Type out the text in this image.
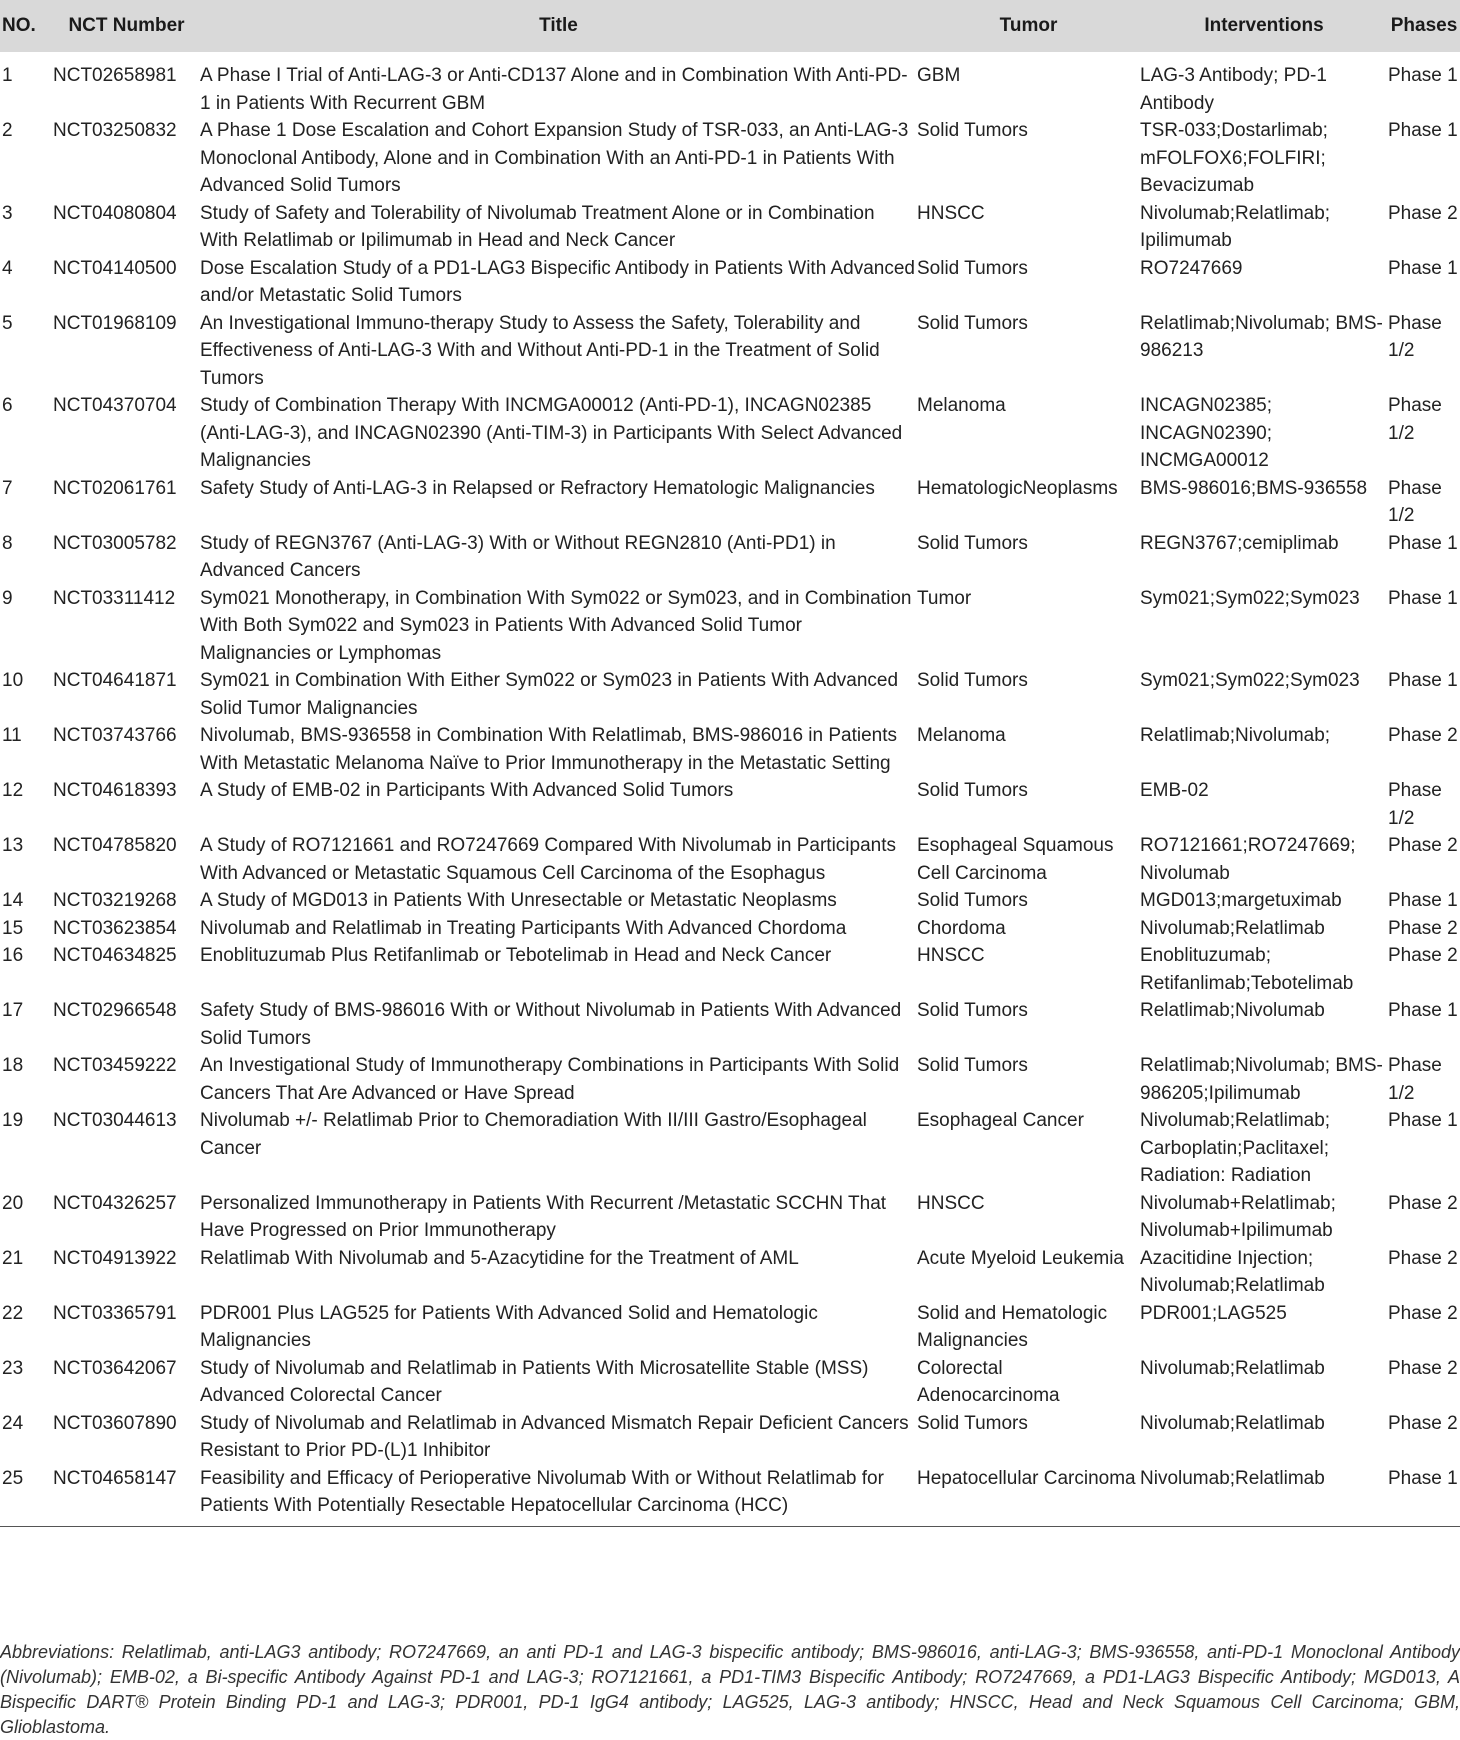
NO.	NCT Number	Title	Tumor	Interventions	Phases
1	NCT02658981	A Phase I Trial of Anti-LAG-3 or Anti-CD137 Alone and in Combination With Anti-PD-1 in Patients With Recurrent GBM	GBM	LAG-3 Antibody; PD-1 Antibody	Phase 1
2	NCT03250832	A Phase 1 Dose Escalation and Cohort Expansion Study of TSR-033, an Anti-LAG-3 Monoclonal Antibody, Alone and in Combination With an Anti-PD-1 in Patients With Advanced Solid Tumors	Solid Tumors	TSR-033;Dostarlimab; mFOLFOX6;FOLFIRI; Bevacizumab	Phase 1
3	NCT04080804	Study of Safety and Tolerability of Nivolumab Treatment Alone or in Combination With Relatlimab or Ipilimumab in Head and Neck Cancer	HNSCC	Nivolumab;Relatlimab; Ipilimumab	Phase 2
4	NCT04140500	Dose Escalation Study of a PD1-LAG3 Bispecific Antibody in Patients With Advanced and/or Metastatic Solid Tumors	Solid Tumors	RO7247669	Phase 1
5	NCT01968109	An Investigational Immuno-therapy Study to Assess the Safety, Tolerability and Effectiveness of Anti-LAG-3 With and Without Anti-PD-1 in the Treatment of Solid Tumors	Solid Tumors	Relatlimab;Nivolumab; BMS-986213	Phase 1/2
6	NCT04370704	Study of Combination Therapy With INCMGA00012 (Anti-PD-1), INCAGN02385 (Anti-LAG-3), and INCAGN02390 (Anti-TIM-3) in Participants With Select Advanced Malignancies	Melanoma	INCAGN02385; INCAGN02390; INCMGA00012	Phase 1/2
7	NCT02061761	Safety Study of Anti-LAG-3 in Relapsed or Refractory Hematologic Malignancies	HematologicNeoplasms	BMS-986016;BMS-936558	Phase 1/2
8	NCT03005782	Study of REGN3767 (Anti-LAG-3) With or Without REGN2810 (Anti-PD1) in Advanced Cancers	Solid Tumors	REGN3767;cemiplimab	Phase 1
9	NCT03311412	Sym021 Monotherapy, in Combination With Sym022 or Sym023, and in Combination With Both Sym022 and Sym023 in Patients With Advanced Solid Tumor Malignancies or Lymphomas	Tumor	Sym021;Sym022;Sym023	Phase 1
10	NCT04641871	Sym021 in Combination With Either Sym022 or Sym023 in Patients With Advanced Solid Tumor Malignancies	Solid Tumors	Sym021;Sym022;Sym023	Phase 1
11	NCT03743766	Nivolumab, BMS-936558 in Combination With Relatlimab, BMS-986016 in Patients With Metastatic Melanoma Naïve to Prior Immunotherapy in the Metastatic Setting	Melanoma	Relatlimab;Nivolumab;	Phase 2
12	NCT04618393	A Study of EMB-02 in Participants With Advanced Solid Tumors	Solid Tumors	EMB-02	Phase 1/2
13	NCT04785820	A Study of RO7121661 and RO7247669 Compared With Nivolumab in Participants With Advanced or Metastatic Squamous Cell Carcinoma of the Esophagus	Esophageal Squamous Cell Carcinoma	RO7121661;RO7247669; Nivolumab	Phase 2
14	NCT03219268	A Study of MGD013 in Patients With Unresectable or Metastatic Neoplasms	Solid Tumors	MGD013;margetuximab	Phase 1
15	NCT03623854	Nivolumab and Relatlimab in Treating Participants With Advanced Chordoma	Chordoma	Nivolumab;Relatlimab	Phase 2
16	NCT04634825	Enoblituzumab Plus Retifanlimab or Tebotelimab in Head and Neck Cancer	HNSCC	Enoblituzumab; Retifanlimab;Tebotelimab	Phase 2
17	NCT02966548	Safety Study of BMS-986016 With or Without Nivolumab in Patients With Advanced Solid Tumors	Solid Tumors	Relatlimab;Nivolumab	Phase 1
18	NCT03459222	An Investigational Study of Immunotherapy Combinations in Participants With Solid Cancers That Are Advanced or Have Spread	Solid Tumors	Relatlimab;Nivolumab; BMS-986205;Ipilimumab	Phase 1/2
19	NCT03044613	Nivolumab +/- Relatlimab Prior to Chemoradiation With II/III Gastro/Esophageal Cancer	Esophageal Cancer	Nivolumab;Relatlimab; Carboplatin;Paclitaxel; Radiation: Radiation	Phase 1
20	NCT04326257	Personalized Immunotherapy in Patients With Recurrent /Metastatic SCCHN That Have Progressed on Prior Immunotherapy	HNSCC	Nivolumab+Relatlimab; Nivolumab+Ipilimumab	Phase 2
21	NCT04913922	Relatlimab With Nivolumab and 5-Azacytidine for the Treatment of AML	Acute Myeloid Leukemia	Azacitidine Injection; Nivolumab;Relatlimab	Phase 2
22	NCT03365791	PDR001 Plus LAG525 for Patients With Advanced Solid and Hematologic Malignancies	Solid and Hematologic Malignancies	PDR001;LAG525	Phase 2
23	NCT03642067	Study of Nivolumab and Relatlimab in Patients With Microsatellite Stable (MSS) Advanced Colorectal Cancer	Colorectal Adenocarcinoma	Nivolumab;Relatlimab	Phase 2
24	NCT03607890	Study of Nivolumab and Relatlimab in Advanced Mismatch Repair Deficient Cancers Resistant to Prior PD-(L)1 Inhibitor	Solid Tumors	Nivolumab;Relatlimab	Phase 2
25	NCT04658147	Feasibility and Efficacy of Perioperative Nivolumab With or Without Relatlimab for Patients With Potentially Resectable Hepatocellular Carcinoma (HCC)	Hepatocellular Carcinoma	Nivolumab;Relatlimab	Phase 1
Abbreviations: Relatlimab, anti-LAG3 antibody; RO7247669, an anti PD-1 and LAG-3 bispecific antibody; BMS-986016, anti-LAG-3; BMS-936558, anti-PD-1 Monoclonal Antibody (Nivolumab); EMB-02, a Bi-specific Antibody Against PD-1 and LAG-3; RO7121661, a PD1-TIM3 Bispecific Antibody; RO7247669, a PD1-LAG3 Bispecific Antibody; MGD013, A Bispecific DART® Protein Binding PD-1 and LAG-3; PDR001, PD-1 IgG4 antibody; LAG525, LAG-3 antibody; HNSCC, Head and Neck Squamous Cell Carcinoma; GBM, Glioblastoma.
